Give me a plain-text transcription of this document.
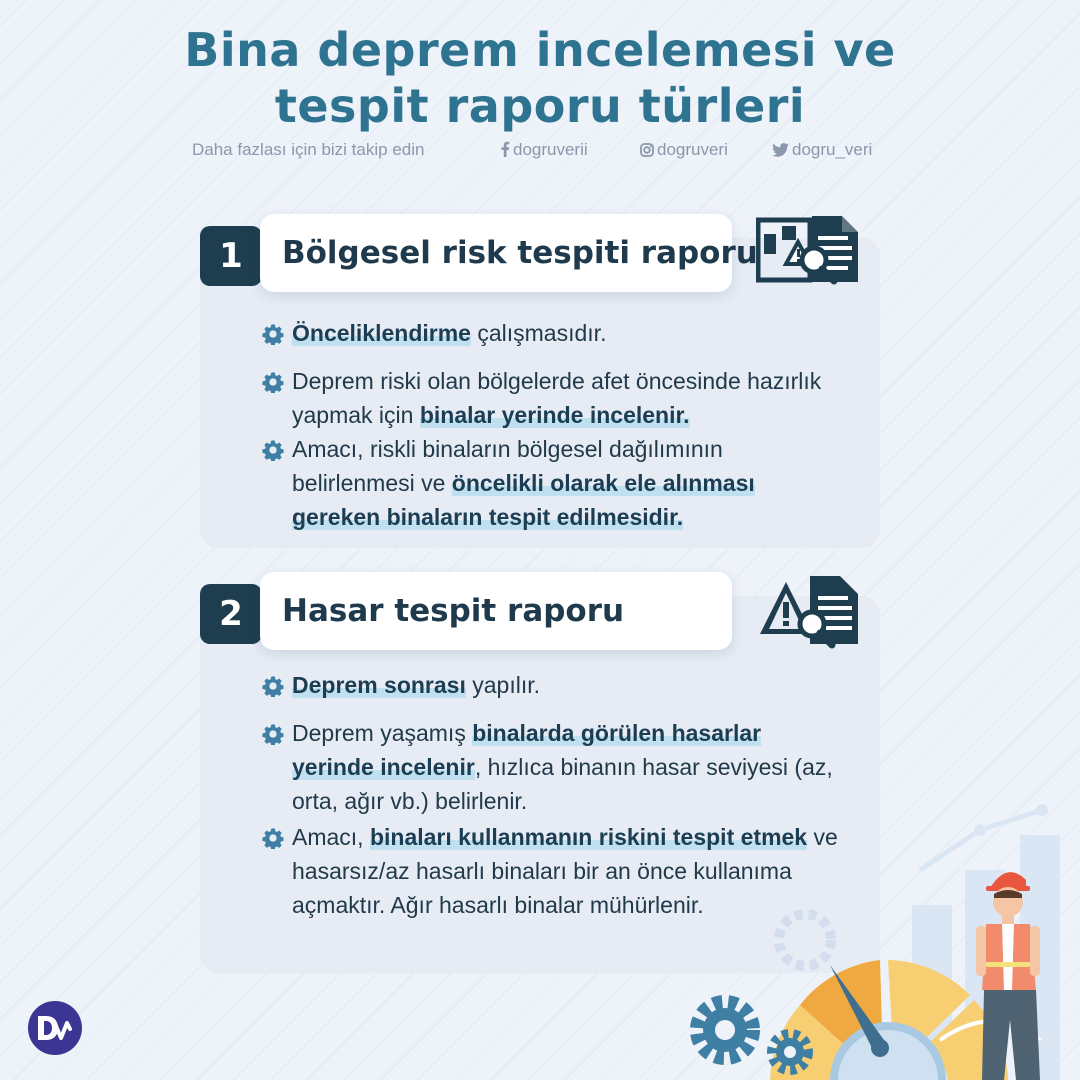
Bina deprem incelemesi ve
tespit raporu türleri
Daha fazlası için bizi takip edin	dogruverii	dogruveri	dogru_veri
1	Bölgesel risk tespiti raporu
Önceliklendirme çalışmasıdır.
Deprem riski olan bölgelerde afet öncesinde hazırlık yapmak için binalar yerinde incelenir.
Amacı, riskli binaların bölgesel dağılımının belirlenmesi ve öncelikli olarak ele alınması gereken binaların tespit edilmesidir.
2	Hasar tespit raporu
Deprem sonrası yapılır.
Deprem yaşamış binalarda görülen hasarlar yerinde incelenir, hızlıca binanın hasar seviyesi (az, orta, ağır vb.) belirlenir.
Amacı, binaları kullanmanın riskini tespit etmek ve hasarsız/az hasarlı binaları bir an önce kullanıma açmaktır. Ağır hasarlı binalar mühürlenir.
